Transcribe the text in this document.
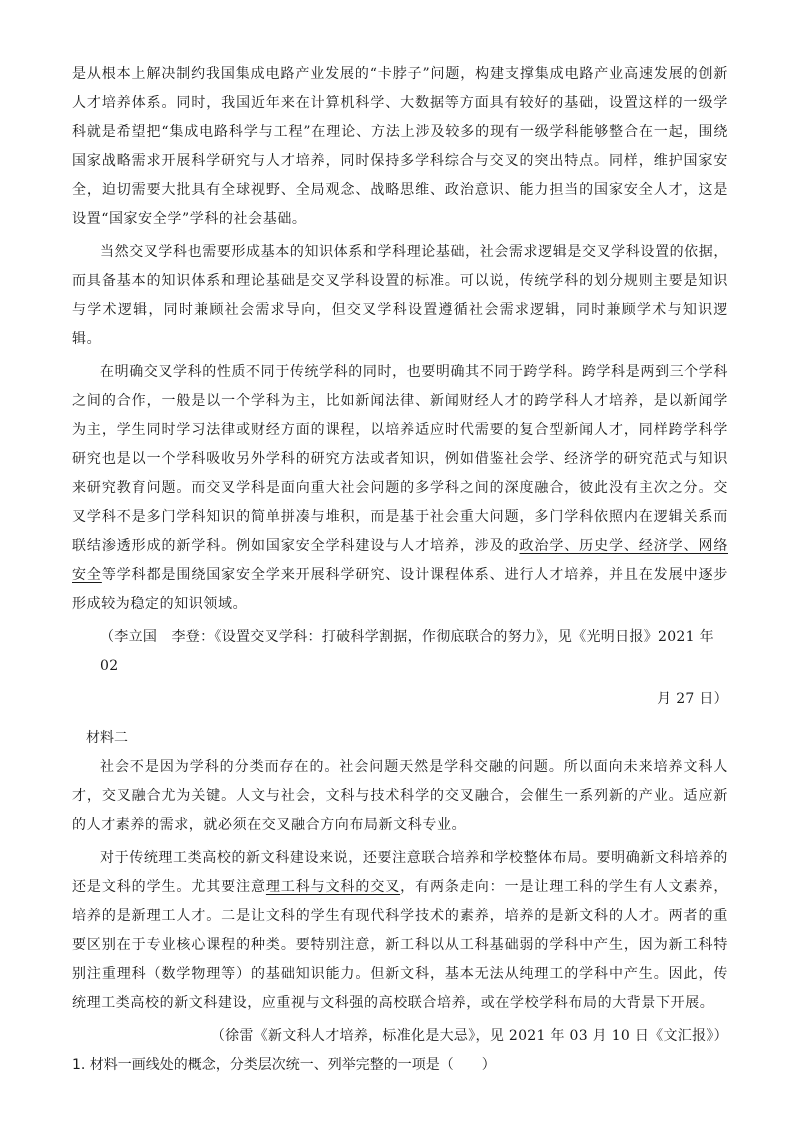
是从根本上解决制约我国集成电路产业发展的“卡脖子”问题，构建支撑集成电路产业高速发展的创新人才培养体系。同时，我国近年来在计算机科学、大数据等方面具有较好的基础，设置这样的一级学科就是希望把“集成电路科学与工程”在理论、方法上涉及较多的现有一级学科能够整合在一起，围绕国家战略需求开展科学研究与人才培养，同时保持多学科综合与交叉的突出特点。同样，维护国家安全，迫切需要大批具有全球视野、全局观念、战略思维、政治意识、能力担当的国家安全人才，这是设置“国家安全学”学科的社会基础。

当然交叉学科也需要形成基本的知识体系和学科理论基础，社会需求逻辑是交叉学科设置的依据，而具备基本的知识体系和理论基础是交叉学科设置的标准。可以说，传统学科的划分规则主要是知识与学术逻辑，同时兼顾社会需求导向，但交叉学科设置遵循社会需求逻辑，同时兼顾学术与知识逻辑。

在明确交叉学科的性质不同于传统学科的同时，也要明确其不同于跨学科。跨学科是两到三个学科之间的合作，一般是以一个学科为主，比如新闻法律、新闻财经人才的跨学科人才培养，是以新闻学为主，学生同时学习法律或财经方面的课程，以培养适应时代需要的复合型新闻人才，同样跨学科学研究也是以一个学科吸收另外学科的研究方法或者知识，例如借鉴社会学、经济学的研究范式与知识来研究教育问题。而交叉学科是面向重大社会问题的多学科之间的深度融合，彼此没有主次之分。交叉学科不是多门学科知识的简单拼凑与堆积，而是基于社会重大问题，多门学科依照内在逻辑关系而联结渗透形成的新学科。例如国家安全学科建设与人才培养，涉及的政治学、历史学、经济学、网络安全等学科都是围绕国家安全学来开展科学研究、设计课程体系、进行人才培养，并且在发展中逐步形成较为稳定的知识领域。

（李立国　李登：《设置交叉学科：打破科学割据，作彻底联合的努力》，见《光明日报》2021 年 02

月 27 日）

材料二

社会不是因为学科的分类而存在的。社会问题天然是学科交融的问题。所以面向未来培养文科人才，交叉融合尤为关键。人文与社会，文科与技术科学的交叉融合，会催生一系列新的产业。适应新的人才素养的需求，就必须在交叉融合方向布局新文科专业。

对于传统理工类高校的新文科建设来说，还要注意联合培养和学校整体布局。要明确新文科培养的还是文科的学生。尤其要注意理工科与文科的交叉，有两条走向：一是让理工科的学生有人文素养，培养的是新理工人才。二是让文科的学生有现代科学技术的素养，培养的是新文科的人才。两者的重要区别在于专业核心课程的种类。要特别注意，新工科以从工科基础弱的学科中产生，因为新工科特别注重理科（数学物理等）的基础知识能力。但新文科，基本无法从纯理工的学科中产生。因此，传统理工类高校的新文科建设，应重视与文科强的高校联合培养，或在学校学科布局的大背景下开展。

（徐雷《新文科人才培养，标准化是大忌》，见 2021 年 03 月 10 日《文汇报》）

1. 材料一画线处的概念，分类层次统一、列举完整的一项是（　　）
